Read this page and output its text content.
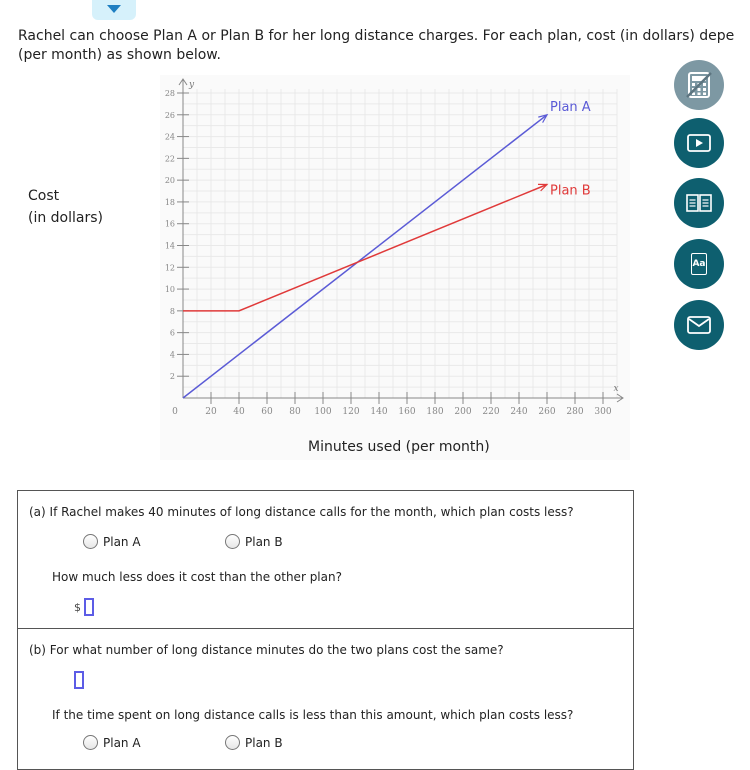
Rachel can choose Plan A or Plan B for her long distance charges. For each plan, cost (in dollars) depe
(per month) as shown below.
Cost
(in dollars)
20 40 60 80 100 120 140 160 180 200 220 240 260 280 300
2
4
6
8
10
12
14
16
18
20
22
24
26
28
0
y
x
Plan A
Plan B
Minutes used (per month)
Aa
(a) If Rachel makes 40 minutes of long distance calls for the month, which plan costs less?
Plan A	Plan B
How much less does it cost than the other plan?
$
(b) For what number of long distance minutes do the two plans cost the same?
If the time spent on long distance calls is less than this amount, which plan costs less?
Plan A	Plan B
